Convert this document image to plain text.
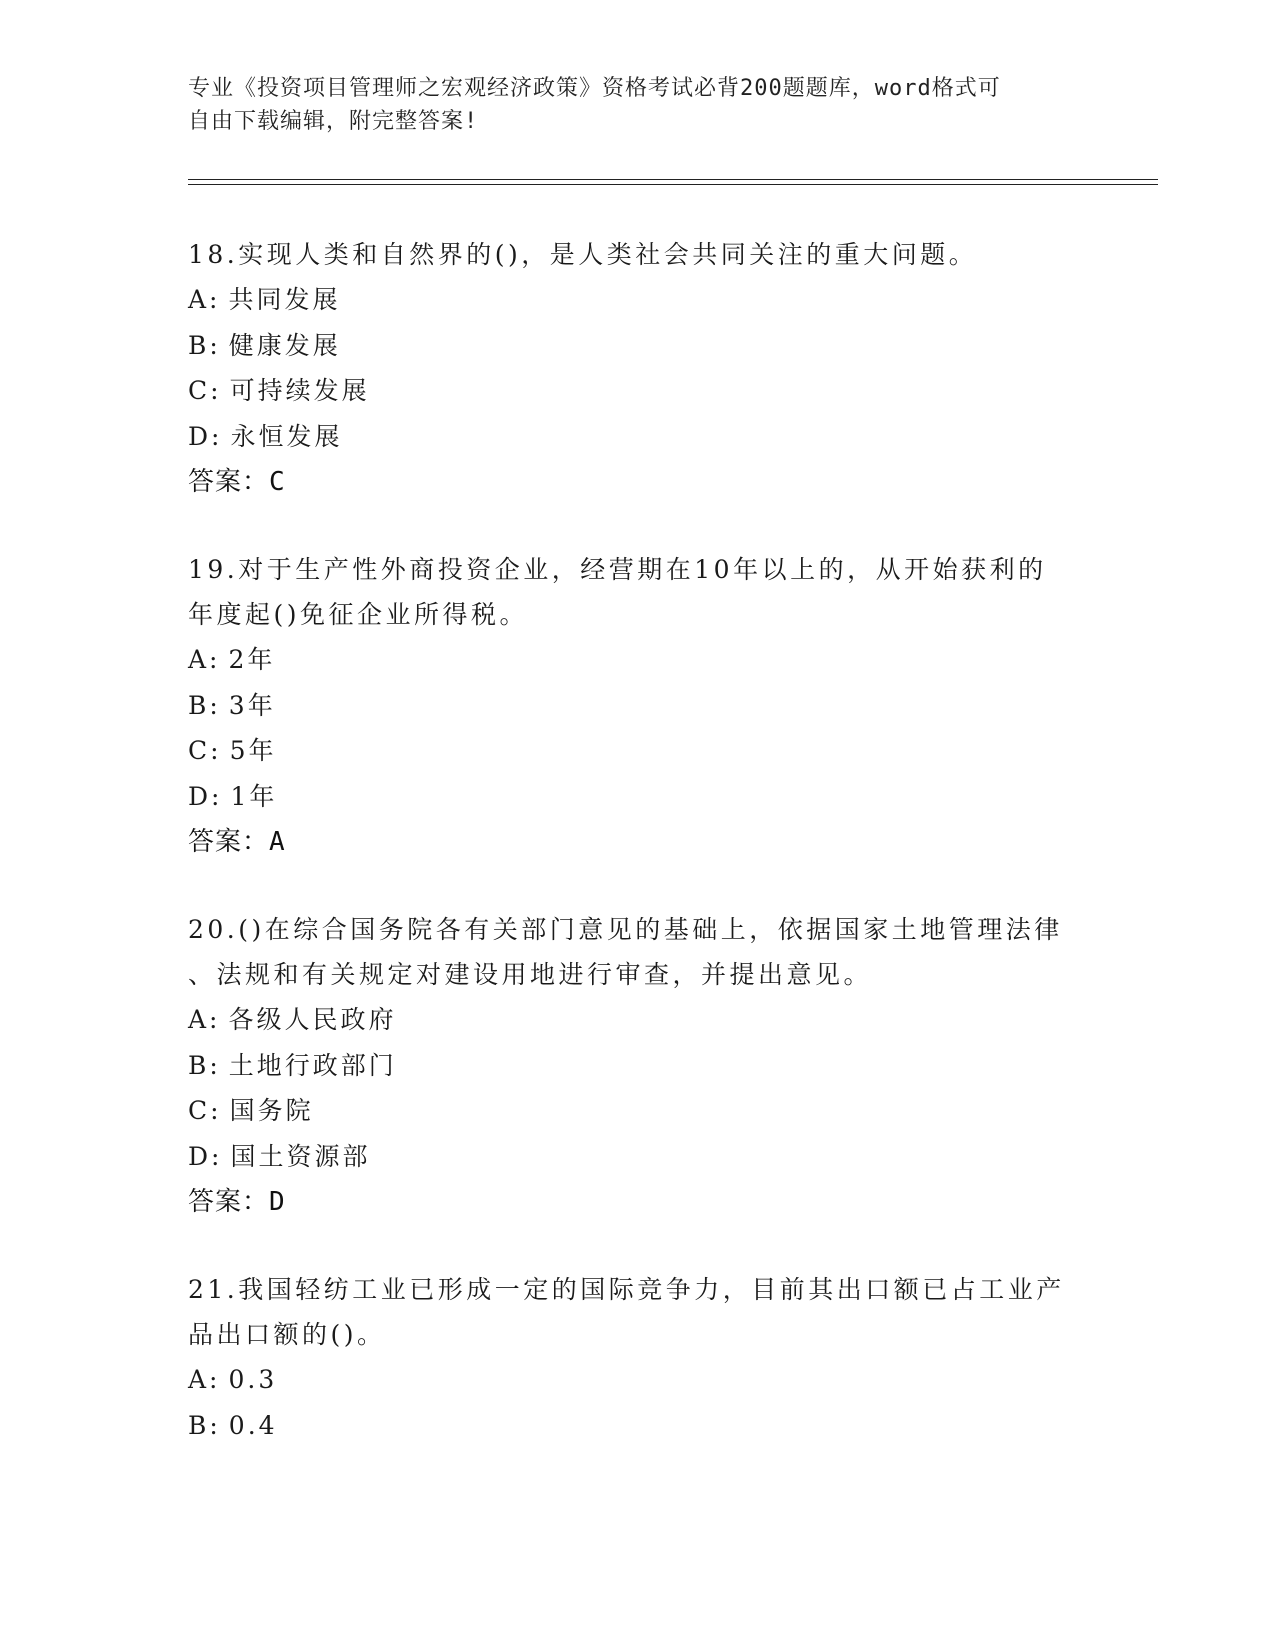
专业《投资项目管理师之宏观经济政策》资格考试必背200题题库，word格式可
自由下载编辑，附完整答案!

18.实现人类和自然界的()，是人类社会共同关注的重大问题。

A: 共同发展

B: 健康发展

C: 可持续发展

D: 永恒发展

答案：C

19.对于生产性外商投资企业，经营期在10年以上的，从开始获利的

年度起()免征企业所得税。

A: 2年

B: 3年

C: 5年

D: 1年

答案：A

20.()在综合国务院各有关部门意见的基础上，依据国家土地管理法律

、法规和有关规定对建设用地进行审查，并提出意见。

A: 各级人民政府

B: 土地行政部门

C: 国务院

D: 国土资源部

答案：D

21.我国轻纺工业已形成一定的国际竞争力，目前其出口额已占工业产

品出口额的()。

A: 0.3

B: 0.4
